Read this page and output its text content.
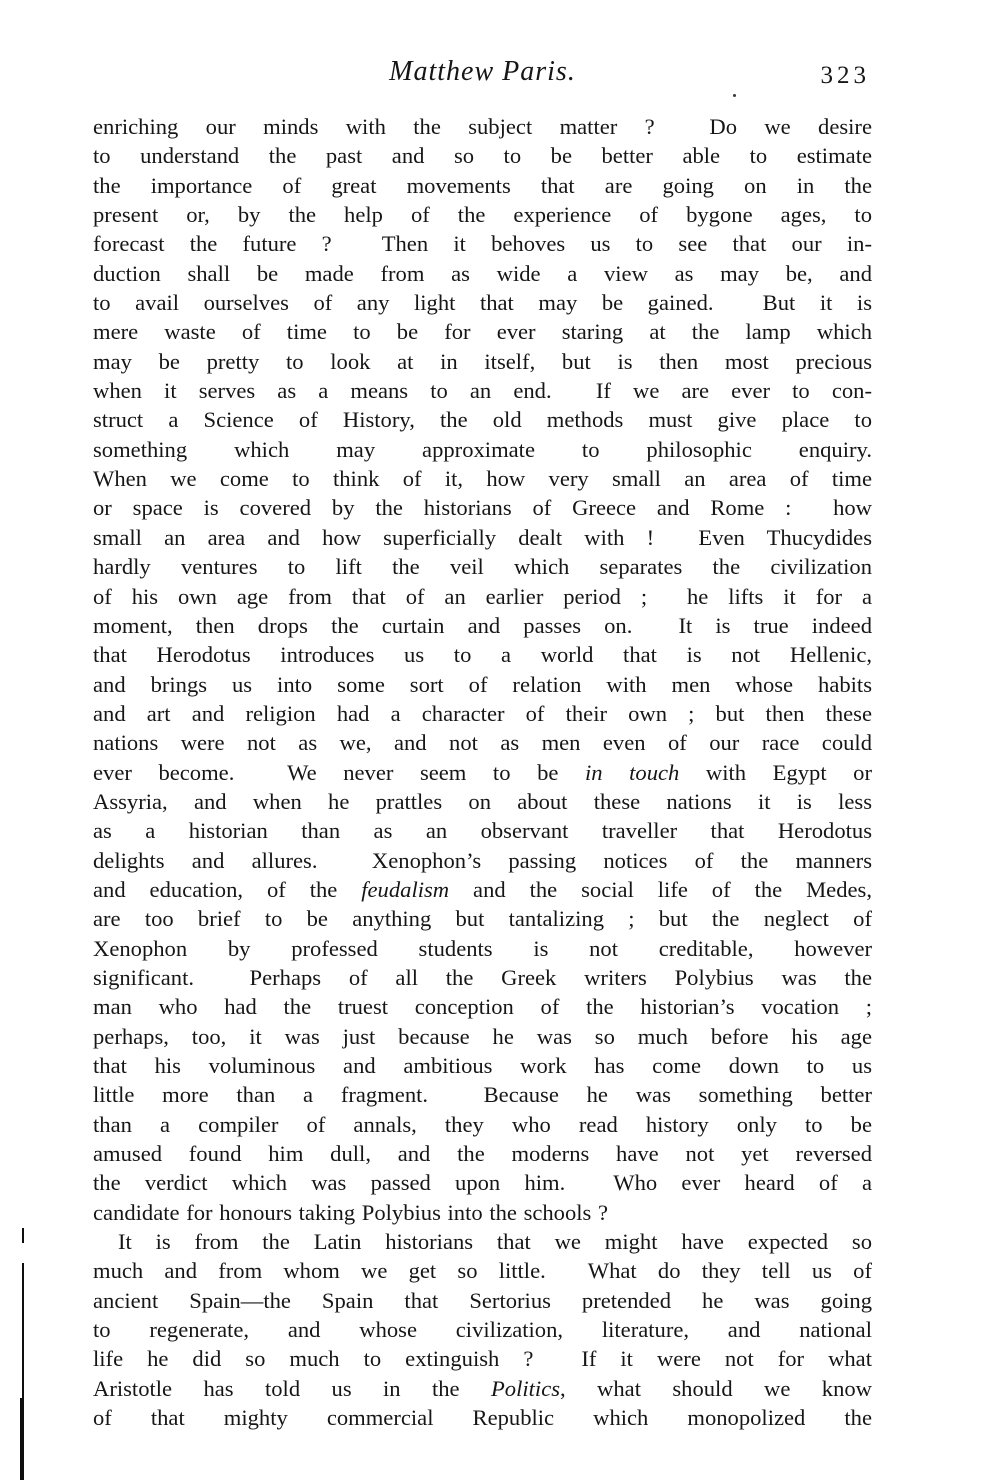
Matthew Paris.	323
enriching our minds with the subject matter ?  Do we desire
to understand the past and so to be better able to estimate
the importance of great movements that are going on in the
present or, by the help of the experience of bygone ages, to
forecast the future ?  Then it behoves us to see that our in-
duction shall be made from as wide a view as may be, and
to avail ourselves of any light that may be gained.  But it is
mere waste of time to be for ever staring at the lamp which
may be pretty to look at in itself, but is then most precious
when it serves as a means to an end.  If we are ever to con-
struct a Science of History, the old methods must give place to
something which may approximate to philosophic enquiry.
When we come to think of it, how very small an area of time
or space is covered by the historians of Greece and Rome :  how
small an area and how superficially dealt with !  Even Thucydides
hardly ventures to lift the veil which separates the civilization
of his own age from that of an earlier period ;  he lifts it for a
moment, then drops the curtain and passes on.  It is true indeed
that Herodotus introduces us to a world that is not Hellenic,
and brings us into some sort of relation with men whose habits
and art and religion had a character of their own ; but then these
nations were not as we, and not as men even of our race could
ever become.  We never seem to be in touch with Egypt or
Assyria, and when he prattles on about these nations it is less
as a historian than as an observant traveller that Herodotus
delights and allures.  Xenophon’s passing notices of the manners
and education, of the feudalism and the social life of the Medes,
are too brief to be anything but tantalizing ; but the neglect of
Xenophon by professed students is not creditable, however
significant.  Perhaps of all the Greek writers Polybius was the
man who had the truest conception of the historian’s vocation ;
perhaps, too, it was just because he was so much before his age
that his voluminous and ambitious work has come down to us
little more than a fragment.  Because he was something better
than a compiler of annals, they who read history only to be
amused found him dull, and the moderns have not yet reversed
the verdict which was passed upon him.  Who ever heard of a
candidate for honours taking Polybius into the schools ?
It is from the Latin historians that we might have expected so
much and from whom we get so little.  What do they tell us of
ancient Spain—the Spain that Sertorius pretended he was going
to regenerate, and whose civilization, literature, and national
life he did so much to extinguish ?  If it were not for what
Aristotle has told us in the Politics, what should we know
of that mighty commercial Republic which monopolized the
